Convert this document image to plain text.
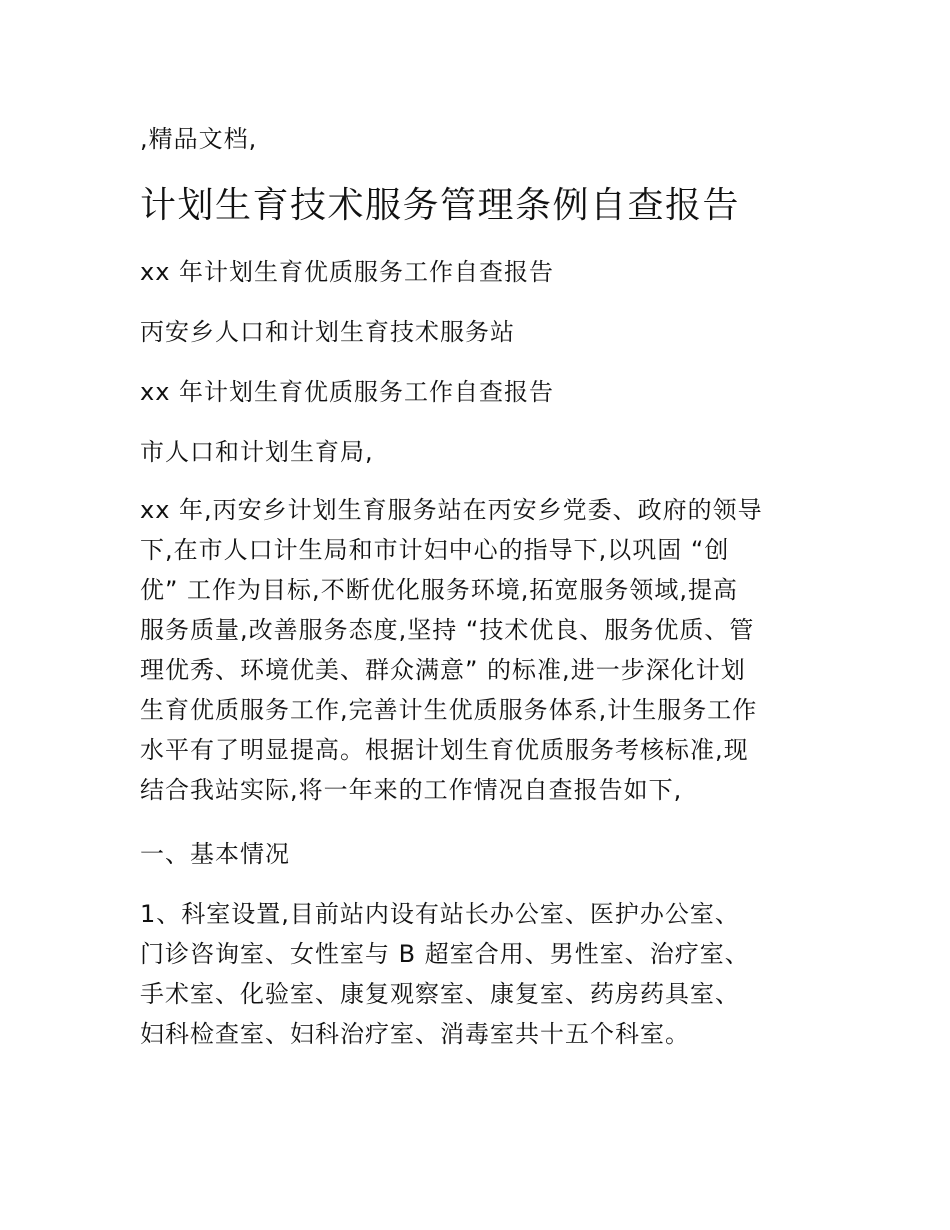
,精品文档,
计划生育技术服务管理条例自查报告
xx 年计划生育优质服务工作自查报告
丙安乡人口和计划生育技术服务站
xx 年计划生育优质服务工作自查报告
市人口和计划生育局,
xx 年,丙安乡计划生育服务站在丙安乡党委、政府的领导
下,在市人口计生局和市计妇中心的指导下,以巩固 “创
优” 工作为目标,不断优化服务环境,拓宽服务领域,提高
服务质量,改善服务态度,坚持 “技术优良、服务优质、管
理优秀、环境优美、群众满意” 的标准,进一步深化计划
生育优质服务工作,完善计生优质服务体系,计生服务工作
水平有了明显提高。根据计划生育优质服务考核标准,现
结合我站实际,将一年来的工作情况自查报告如下,
一、基本情况
1、科室设置,目前站内设有站长办公室、医护办公室、
门诊咨询室、女性室与 B 超室合用、男性室、治疗室、
手术室、化验室、康复观察室、康复室、药房药具室、
妇科检查室、妇科治疗室、消毒室共十五个科室。
